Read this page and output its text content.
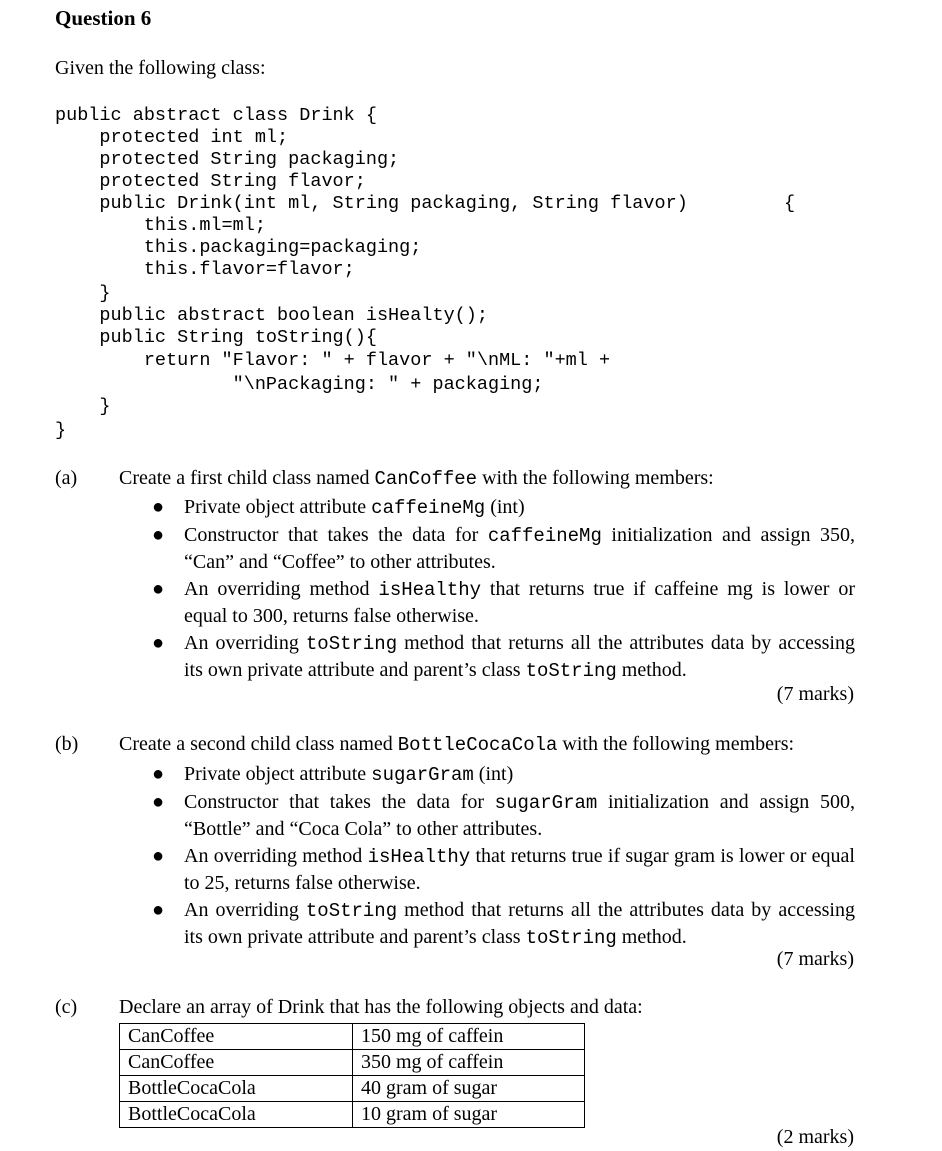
Question 6
Given the following class:
public abstract class Drink {
protected int ml;
protected String packaging;
protected String flavor;
public Drink(int ml, String packaging, String flavor)	{
this.ml=ml;
this.packaging=packaging;
this.flavor=flavor;
}
public abstract boolean isHealty();
public String toString(){
return "Flavor: " + flavor + "\nML: "+ml +
"\nPackaging: " + packaging;
}
}
(a) Create a first child class named CanCoffee with the following members:
● Private object attribute caffeineMg (int)
● Constructor that takes the data for caffeineMg initialization and assign 350, “Can” and “Coffee” to other attributes.
● An overriding method isHealthy that returns true if caffeine mg is lower or equal to 300, returns false otherwise.
● An overriding toString method that returns all the attributes data by accessing its own private attribute and parent’s class toString method.
(7 marks)
(b) Create a second child class named BottleCocaCola with the following members:
● Private object attribute sugarGram (int)
● Constructor that takes the data for sugarGram initialization and assign 500, “Bottle” and “Coca Cola” to other attributes.
● An overriding method isHealthy that returns true if sugar gram is lower or equal to 25, returns false otherwise.
● An overriding toString method that returns all the attributes data by accessing its own private attribute and parent’s class toString method.
(7 marks)
(c) Declare an array of Drink that has the following objects and data:
CanCoffee	150 mg of caffein
CanCoffee	350 mg of caffein
BottleCocaCola	40 gram of sugar
BottleCocaCola	10 gram of sugar
(2 marks)
